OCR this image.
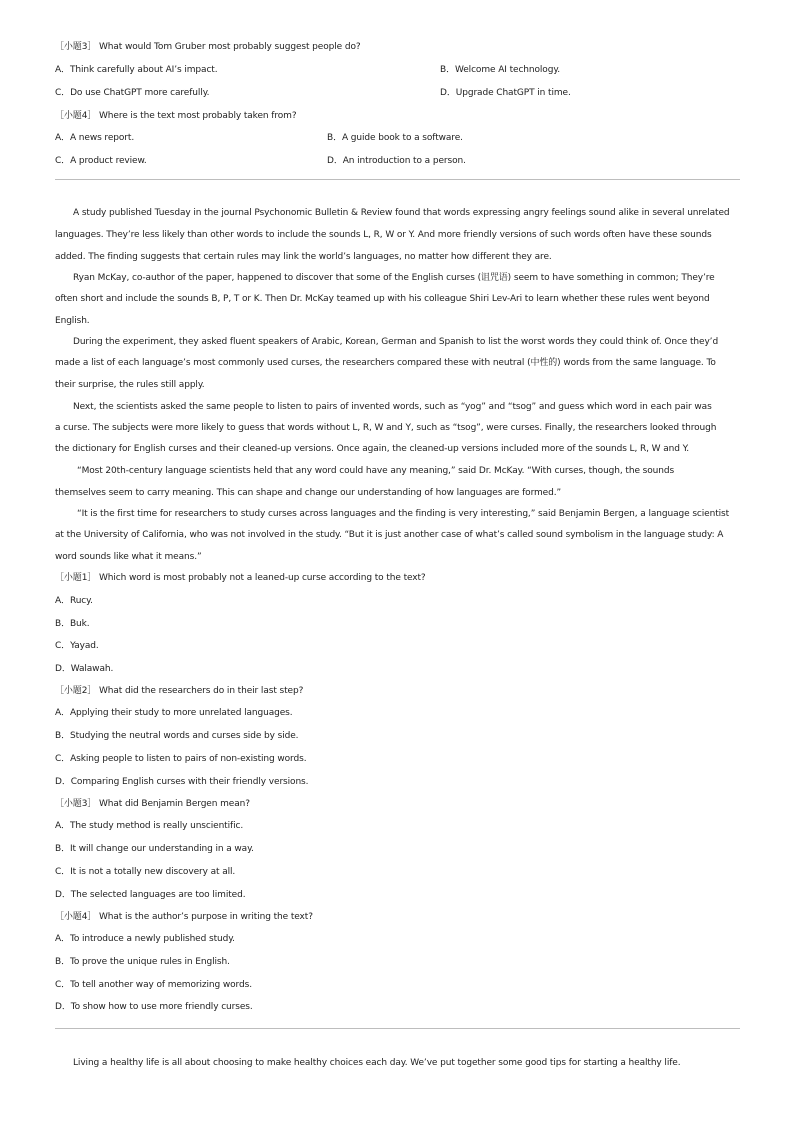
［小题3］ What would Tom Gruber most probably suggest people do?
A．Think carefully about AI’s impact.	B．Welcome AI technology.
C．Do use ChatGPT more carefully.	D．Upgrade ChatGPT in time.
［小题4］ Where is the text most probably taken from?
A．A news report.	B．A guide book to a software.
C．A product review.	D．An introduction to a person.
A study published Tuesday in the journal Psychonomic Bulletin & Review found that words expressing angry feelings sound alike in several unrelated
languages. They’re less likely than other words to include the sounds L, R, W or Y. And more friendly versions of such words often have these sounds
added. The finding suggests that certain rules may link the world’s languages, no matter how different they are.
Ryan McKay, co-author of the paper, happened to discover that some of the English curses (诅咒语) seem to have something in common; They’re
often short and include the sounds B, P, T or K. Then Dr. McKay teamed up with his colleague Shiri Lev-Ari to learn whether these rules went beyond
English.
During the experiment, they asked fluent speakers of Arabic, Korean, German and Spanish to list the worst words they could think of. Once they’d
made a list of each language’s most commonly used curses, the researchers compared these with neutral (中性的) words from the same language. To
their surprise, the rules still apply.
Next, the scientists asked the same people to listen to pairs of invented words, such as “yog” and “tsog” and guess which word in each pair was
a curse. The subjects were more likely to guess that words without L, R, W and Y, such as “tsog”, were curses. Finally, the researchers looked through
the dictionary for English curses and their cleaned-up versions. Once again, the cleaned-up versions included more of the sounds L, R, W and Y.
“Most 20th-century language scientists held that any word could have any meaning,” said Dr. McKay. “With curses, though, the sounds
themselves seem to carry meaning. This can shape and change our understanding of how languages are formed.”
“It is the first time for researchers to study curses across languages and the finding is very interesting,” said Benjamin Bergen, a language scientist
at the University of California, who was not involved in the study. “But it is just another case of what’s called sound symbolism in the language study: A
word sounds like what it means.”
［小题1］ Which word is most probably not a leaned-up curse according to the text?
A．Rucy.
B．Buk.
C．Yayad.
D．Walawah.
［小题2］ What did the researchers do in their last step?
A．Applying their study to more unrelated languages.
B．Studying the neutral words and curses side by side.
C．Asking people to listen to pairs of non-existing words.
D．Comparing English curses with their friendly versions.
［小题3］ What did Benjamin Bergen mean?
A．The study method is really unscientific.
B．It will change our understanding in a way.
C．It is not a totally new discovery at all.
D．The selected languages are too limited.
［小题4］ What is the author’s purpose in writing the text?
A．To introduce a newly published study.
B．To prove the unique rules in English.
C．To tell another way of memorizing words.
D．To show how to use more friendly curses.
Living a healthy life is all about choosing to make healthy choices each day. We’ve put together some good tips for starting a healthy life.
